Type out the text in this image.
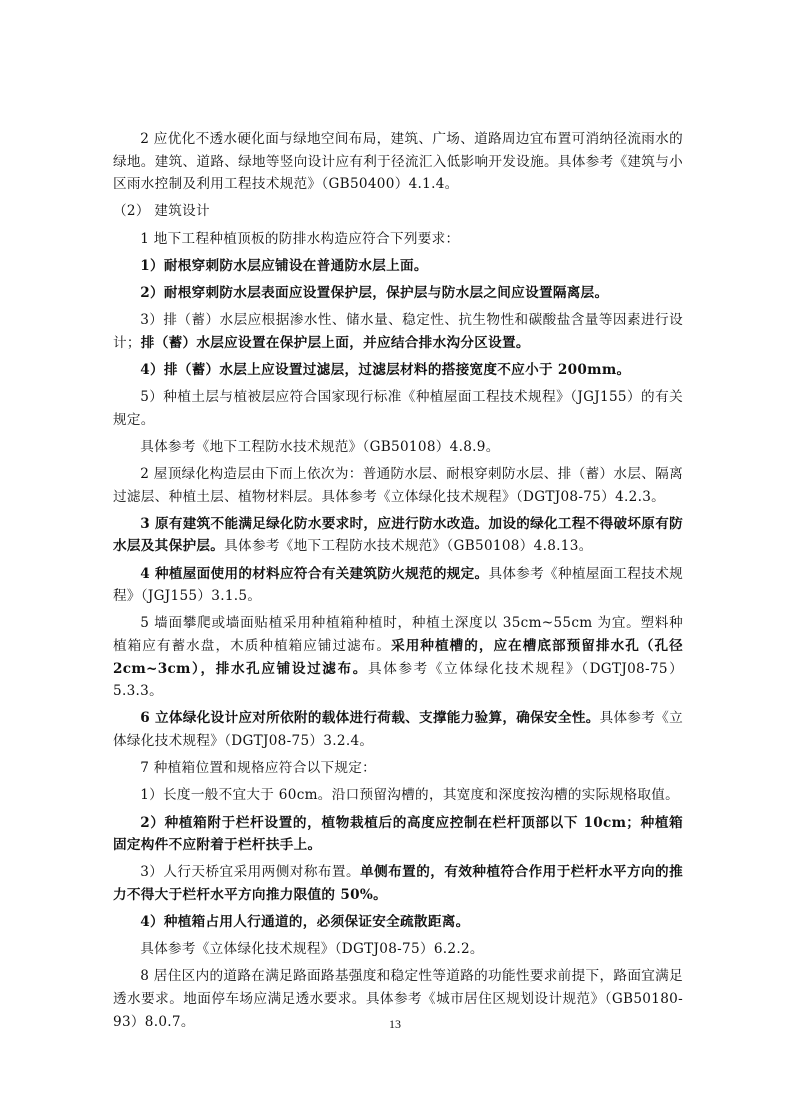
2 应优化不透水硬化面与绿地空间布局，建筑、广场、道路周边宜布置可消纳径流雨水的绿地。建筑、道路、绿地等竖向设计应有利于径流汇入低影响开发设施。具体参考《建筑与小区雨水控制及利用工程技术规范》（GB50400）4.1.4。

（2） 建筑设计

1 地下工程种植顶板的防排水构造应符合下列要求：

1）耐根穿刺防水层应铺设在普通防水层上面。

2）耐根穿刺防水层表面应设置保护层，保护层与防水层之间应设置隔离层。

3）排（蓄）水层应根据渗水性、储水量、稳定性、抗生物性和碳酸盐含量等因素进行设计；排（蓄）水层应设置在保护层上面，并应结合排水沟分区设置。

4）排（蓄）水层上应设置过滤层，过滤层材料的搭接宽度不应小于 200mm。

5）种植土层与植被层应符合国家现行标准《种植屋面工程技术规程》（JGJ155）的有关规定。

具体参考《地下工程防水技术规范》（GB50108）4.8.9。

2 屋顶绿化构造层由下而上依次为：普通防水层、耐根穿刺防水层、排（蓄）水层、隔离过滤层、种植土层、植物材料层。具体参考《立体绿化技术规程》（DGTJ08-75）4.2.3。

3 原有建筑不能满足绿化防水要求时，应进行防水改造。加设的绿化工程不得破坏原有防水层及其保护层。具体参考《地下工程防水技术规范》（GB50108）4.8.13。

4 种植屋面使用的材料应符合有关建筑防火规范的规定。具体参考《种植屋面工程技术规程》（JGJ155）3.1.5。

5 墙面攀爬或墙面贴植采用种植箱种植时，种植土深度以 35cm~55cm 为宜。塑料种植箱应有蓄水盘，木质种植箱应铺过滤布。采用种植槽的，应在槽底部预留排水孔（孔径 2cm~3cm），排水孔应铺设过滤布。具体参考《立体绿化技术规程》（DGTJ08-75）5.3.3。

6 立体绿化设计应对所依附的载体进行荷载、支撑能力验算，确保安全性。具体参考《立体绿化技术规程》（DGTJ08-75）3.2.4。

7 种植箱位置和规格应符合以下规定：

1）长度一般不宜大于 60cm。沿口预留沟槽的，其宽度和深度按沟槽的实际规格取值。

2）种植箱附于栏杆设置的，植物栽植后的高度应控制在栏杆顶部以下 10cm；种植箱固定构件不应附着于栏杆扶手上。

3）人行天桥宜采用两侧对称布置。单侧布置的，有效种植符合作用于栏杆水平方向的推力不得大于栏杆水平方向推力限值的 50%。

4）种植箱占用人行通道的，必须保证安全疏散距离。

具体参考《立体绿化技术规程》（DGTJ08-75）6.2.2。

8 居住区内的道路在满足路面路基强度和稳定性等道路的功能性要求前提下，路面宜满足透水要求。地面停车场应满足透水要求。具体参考《城市居住区规划设计规范》（GB50180-93）8.0.7。	13
